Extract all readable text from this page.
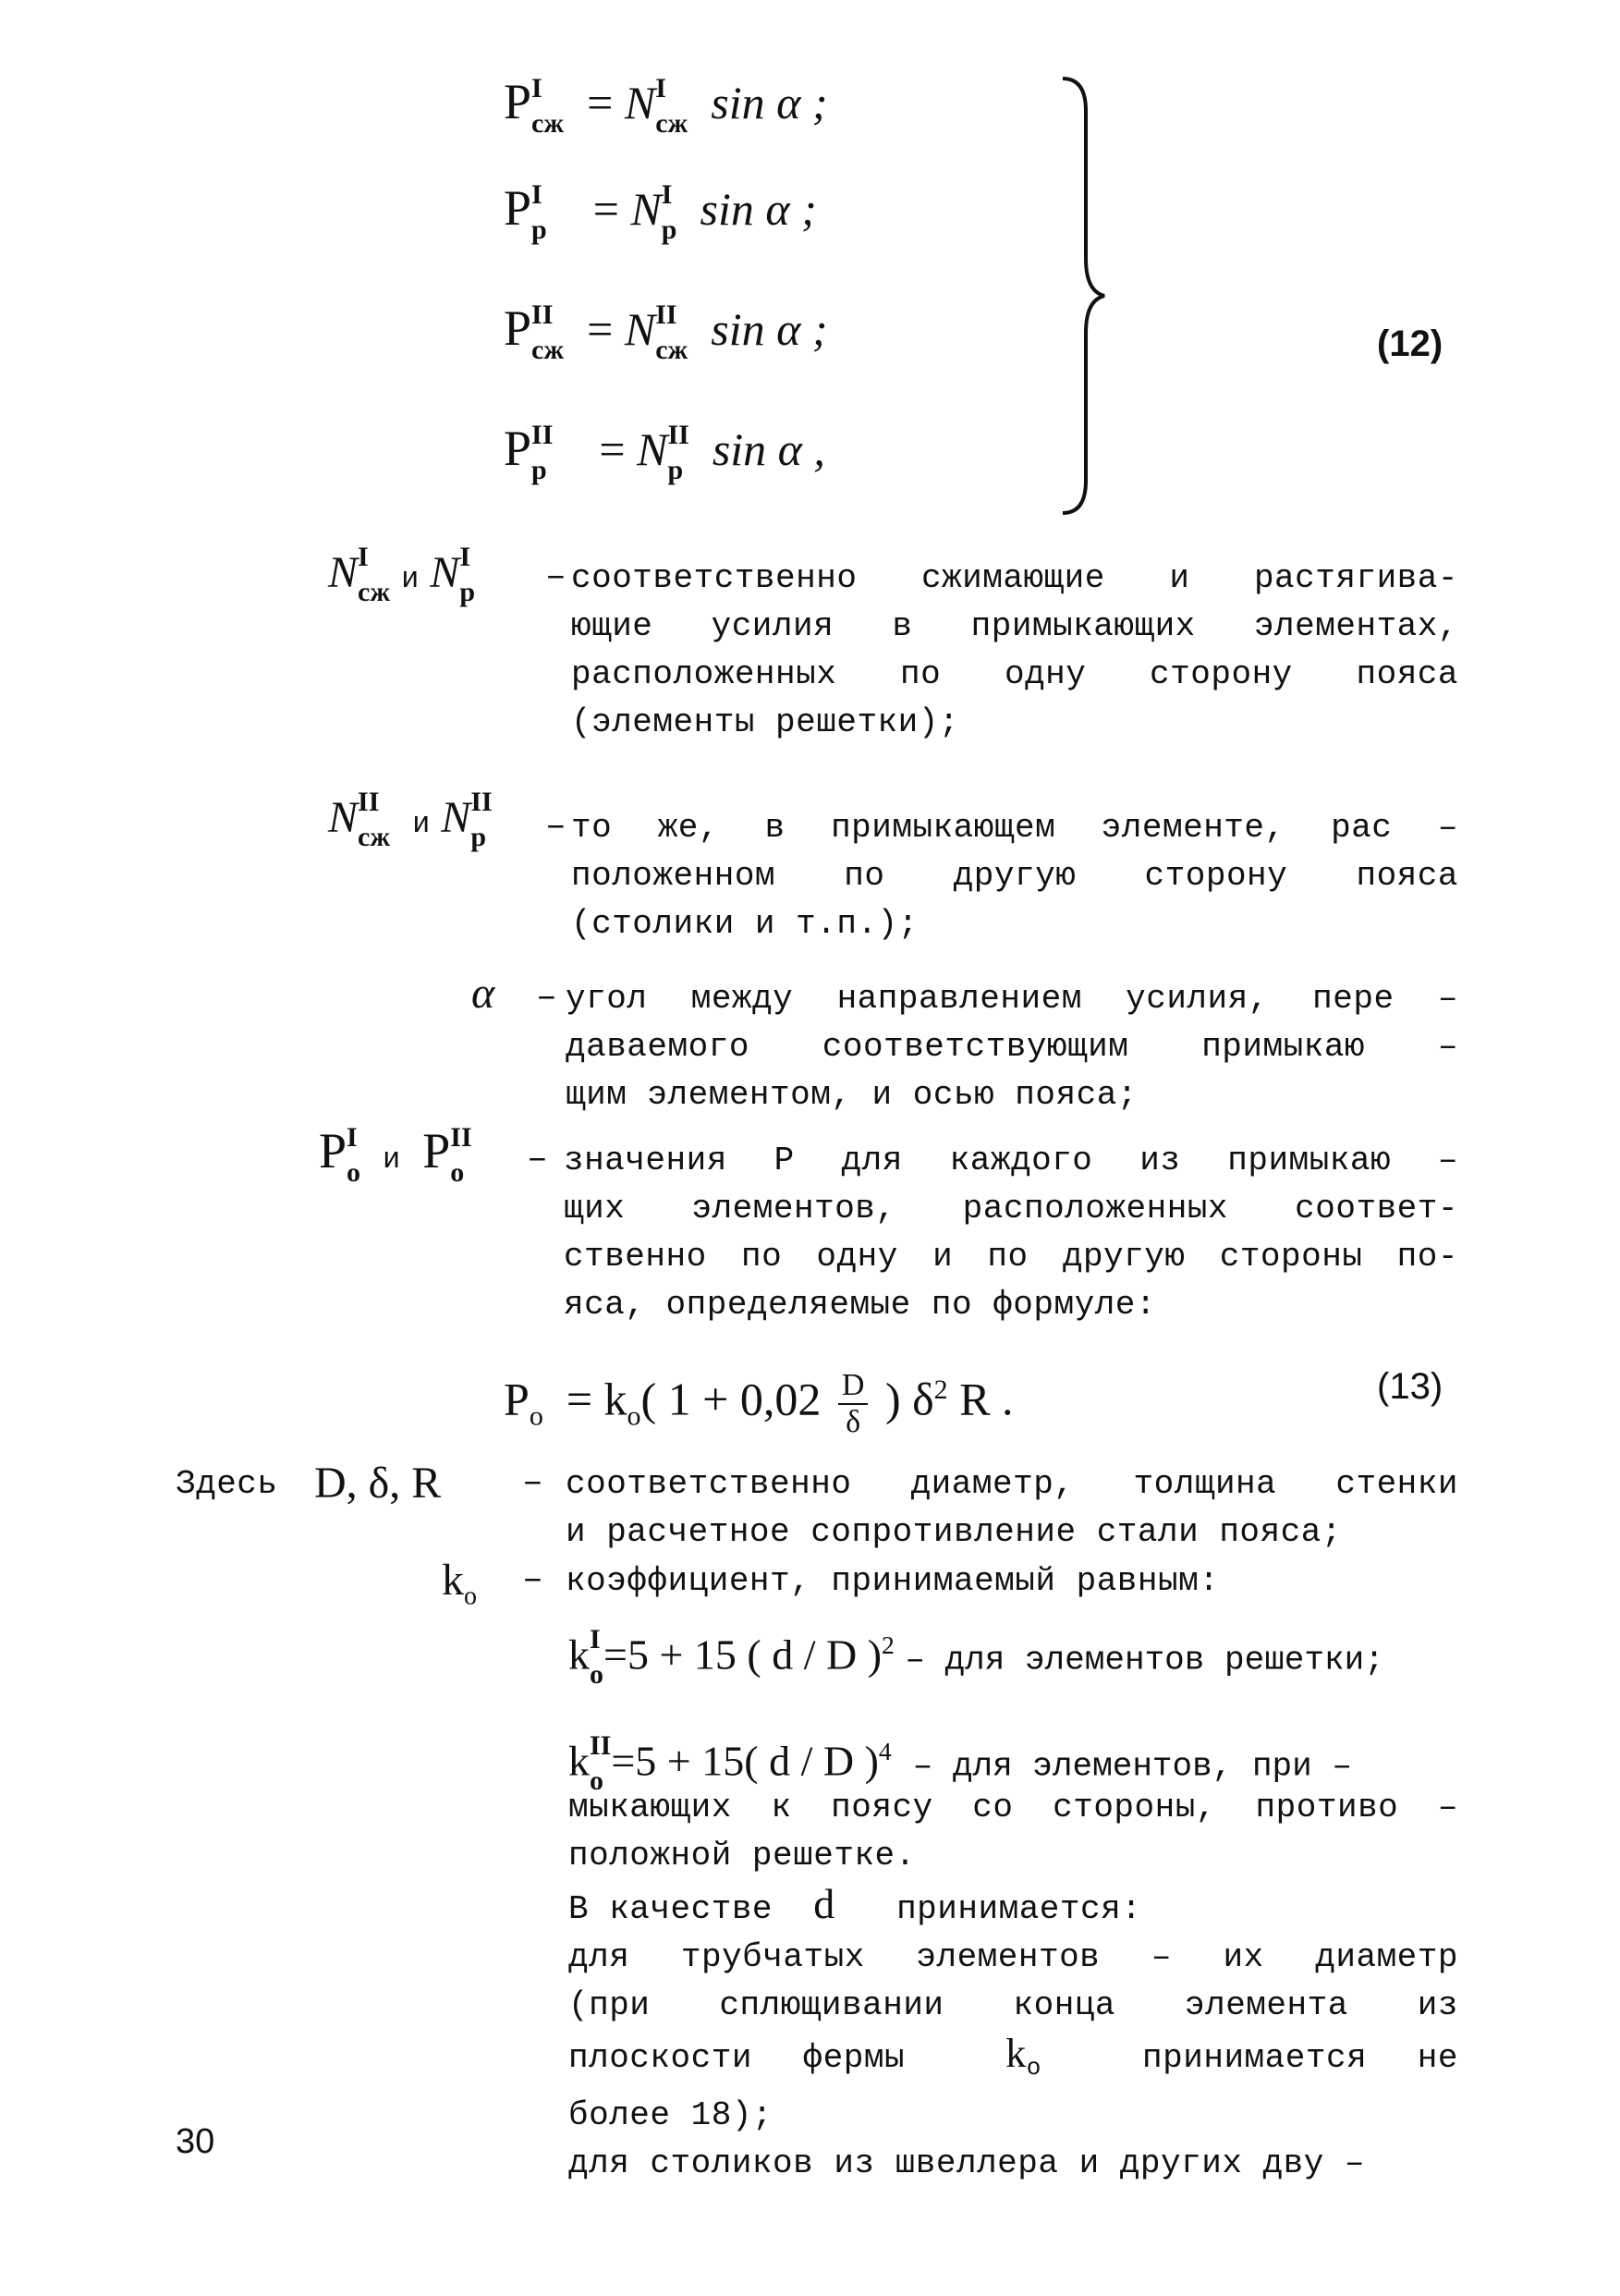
P I
сж = N I
сж sin α ;
P I
р = N I
р sin α ;
P II
сж = N II
сж sin α ;
P II
р = N II
р sin α ,
(12)
N I
сж и N I
р – соответственно сжимающие и растягива-
ющие усилия в примыкающих элементах,
расположенных по одну сторону пояса
(элементы решетки);
N II
сж и N II
р – то же, в примыкающем элементе, рас –
положенном по другую сторону пояса
(столики и т.п.);
α – угол между направлением усилия, пере –
даваемого соответствующим примыкаю –
щим элементом, и осью пояса;
P I
о и P II
о – значения P для каждого из примыкаю –
щих элементов, расположенных соответ-
ственно по одну и по другую стороны по-
яса, определяемые по формуле:
$P_о = k_о$( $1 + 0,02 \frac{D}{\delta}$ ) $\delta^2$ R .	(13)
Здесь D, δ, R – соответственно диаметр, толщина стенки
и расчетное сопротивление стали пояса;
$k_о$ – коэффициент, принимаемый равным:
k I
о =5 + 15 ( d / D )$^2$ – для элементов решетки;
k II
о =5 + 15( d / D )$^4$ – для элементов, при –
мыкающих к поясу со стороны, противо –
положной решетке.
В качестве d принимается:
для трубчатых элементов – их диаметр
(при сплющивании конца элемента из
плоскости фермы $k_о$	принимается не
более 18);
для столиков из швеллера и других дву –
30
